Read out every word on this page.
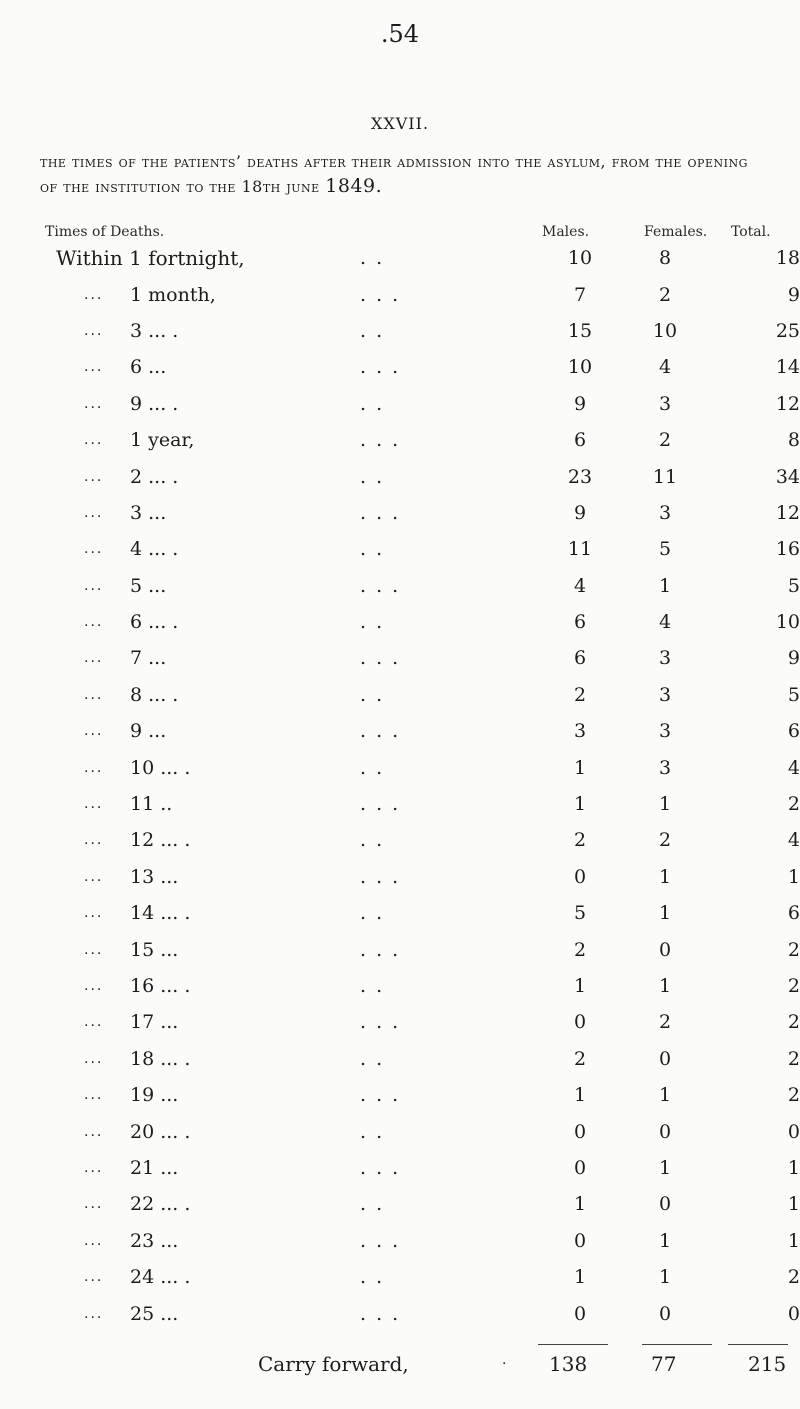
.54
XXVII.
the times of the patients’ deaths after their admission into the asylum, from the opening of the institution to the 18th june 1849.
Times of Deaths.	Males.	Females. Total.
Within 1 fortnight,	. .	10	8	18

... 1 month,	. . .	7	2	9

... 3 ... .	. .	15	10	25

... 6 ...	. . .	10	4	14

... 9 ... .	. .	9	3	12

... 1 year,	. . .	6	2	8

... 2 ... .	. .	23	11	34

... 3 ...	. . .	9	3	12

... 4 ... .	. .	11	5	16

... 5 ...	. . .	4	1	5

... 6 ... .	. .	6	4	10

... 7 ...	. . .	6	3	9

... 8 ... .	. .	2	3	5

... 9 ...	. . .	3	3	6

... 10 ... .	. .	1	3	4

... 11 ..	. . .	1	1	2

... 12 ... .	. .	2	2	4

... 13 ...	. . .	0	1	1

... 14 ... .	. .	5	1	6

... 15 ...	. . .	2	0	2

... 16 ... .	. .	1	1	2

... 17 ...	. . .	0	2	2

... 18 ... .	. .	2	0	2

... 19 ...	. . .	1	1	2

... 20 ... .	. .	0	0	0

... 21 ...	. . .	0	1	1

... 22 ... .	. .	1	0	1

... 23 ...	. . .	0	1	1

... 24 ... .	. .	1	1	2

... 25 ...	. . .	0	0	0
Carry forward,	. 138	77	215
